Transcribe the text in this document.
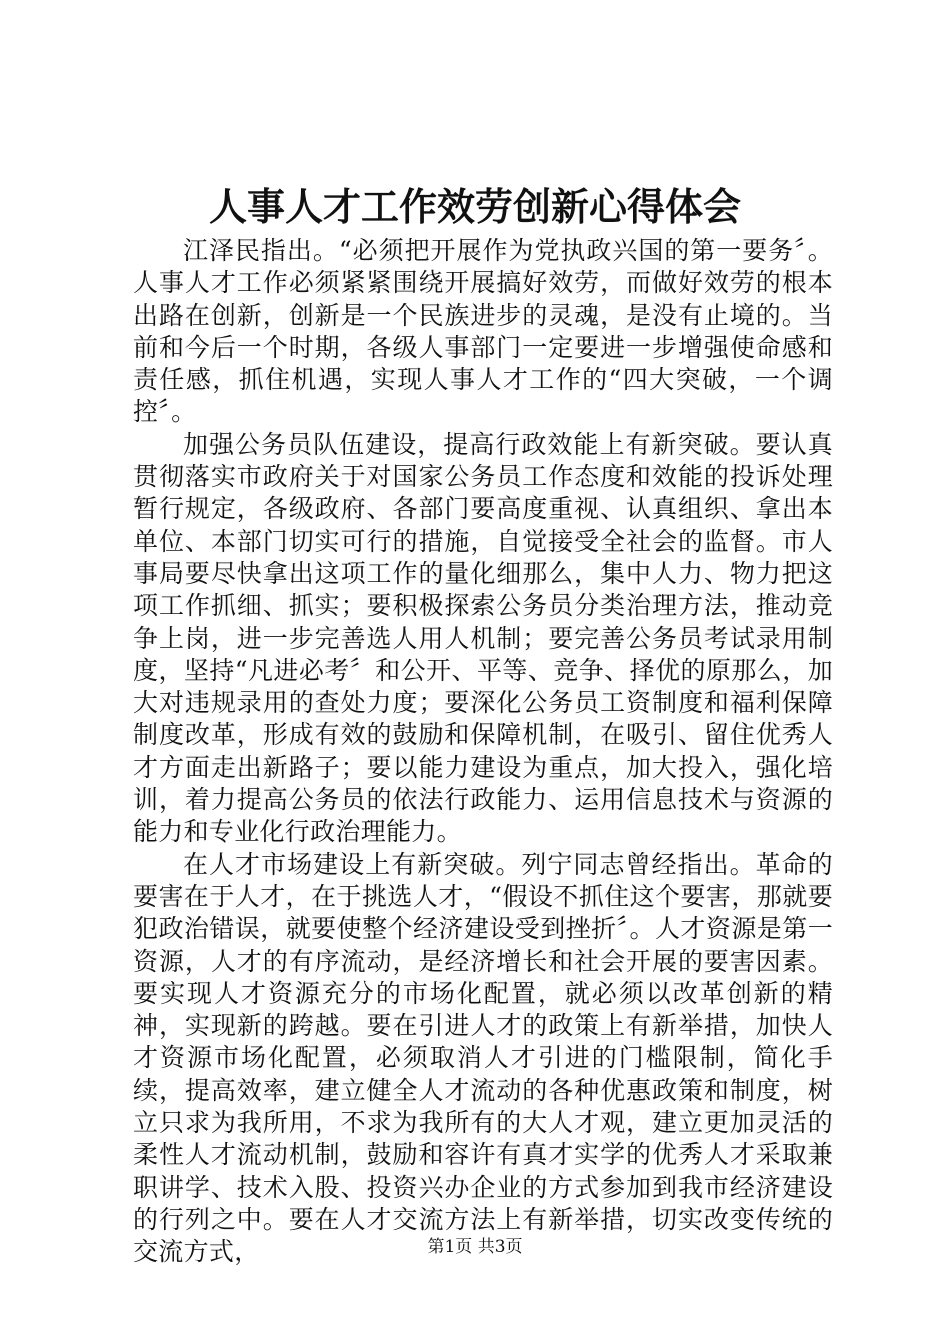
人事人才工作效劳创新心得体会

江泽民指出。“必须把开展作为党执政兴国的第一要务〞。人事人才工作必须紧紧围绕开展搞好效劳，而做好效劳的根本出路在创新，创新是一个民族进步的灵魂，是没有止境的。当前和今后一个时期，各级人事部门一定要进一步增强使命感和责任感，抓住机遇，实现人事人才工作的“四大突破，一个调控〞。

加强公务员队伍建设，提高行政效能上有新突破。要认真贯彻落实市政府关于对国家公务员工作态度和效能的投诉处理暂行规定，各级政府、各部门要高度重视、认真组织、拿出本单位、本部门切实可行的措施，自觉接受全社会的监督。市人事局要尽快拿出这项工作的量化细那么，集中人力、物力把这项工作抓细、抓实；要积极探索公务员分类治理方法，推动竞争上岗，进一步完善选人用人机制；要完善公务员考试录用制度，坚持“凡进必考〞和公开、平等、竞争、择优的原那么，加大对违规录用的查处力度；要深化公务员工资制度和福利保障制度改革，形成有效的鼓励和保障机制，在吸引、留住优秀人才方面走出新路子；要以能力建设为重点，加大投入，强化培训，着力提高公务员的依法行政能力、运用信息技术与资源的能力和专业化行政治理能力。

在人才市场建设上有新突破。列宁同志曾经指出。革命的要害在于人才，在于挑选人才，“假设不抓住这个要害，那就要犯政治错误，就要使整个经济建设受到挫折〞。人才资源是第一资源，人才的有序流动，是经济增长和社会开展的要害因素。要实现人才资源充分的市场化配置，就必须以改革创新的精神，实现新的跨越。要在引进人才的政策上有新举措，加快人才资源市场化配置，必须取消人才引进的门槛限制，简化手续，提高效率，建立健全人才流动的各种优惠政策和制度，树立只求为我所用，不求为我所有的大人才观，建立更加灵活的柔性人才流动机制，鼓励和容许有真才实学的优秀人才采取兼职讲学、技术入股、投资兴办企业的方式参加到我市经济建设的行列之中。要在人才交流方法上有新举措，切实改变传统的交流方式，	第1页 共3页
